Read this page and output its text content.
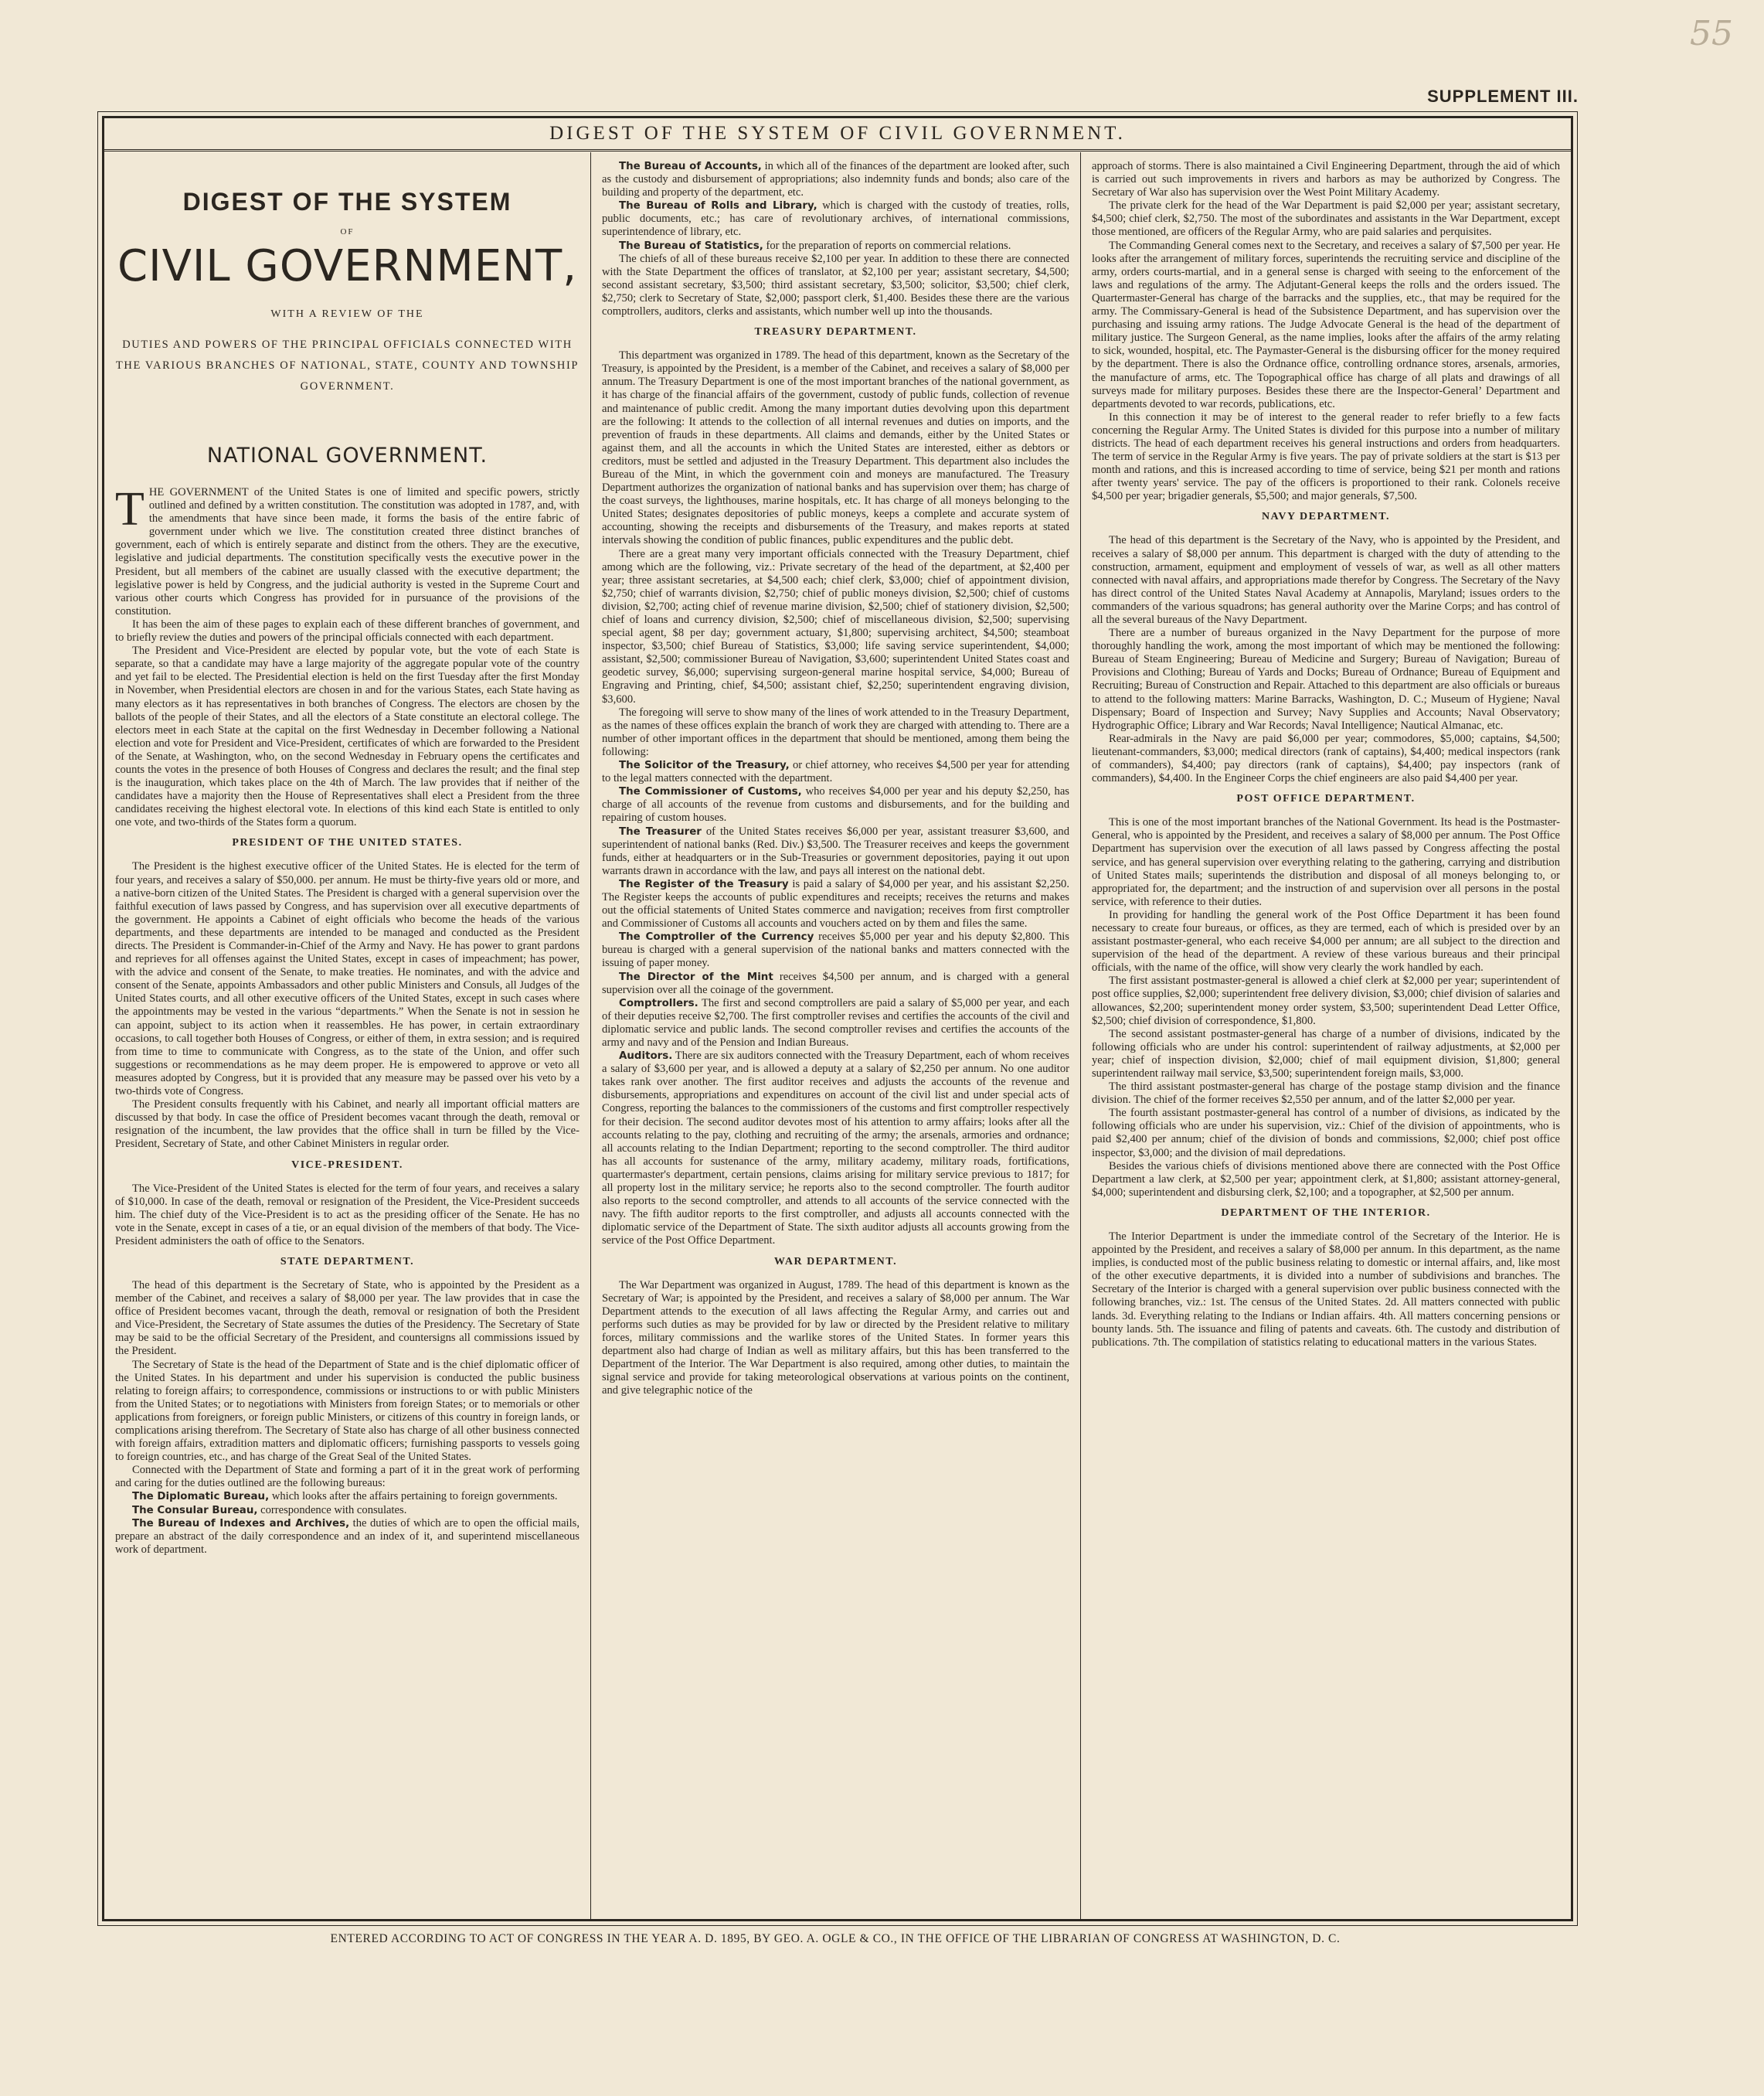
55
SUPPLEMENT III.
DIGEST OF THE SYSTEM OF CIVIL GOVERNMENT.
DIGEST OF THE SYSTEM
OF
CIVIL GOVERNMENT,
WITH A REVIEW OF THE
DUTIES AND POWERS OF THE PRINCIPAL OFFICIALS CONNECTED WITH THE VARIOUS BRANCHES OF NATIONAL, STATE, COUNTY AND TOWNSHIP GOVERNMENT.
NATIONAL GOVERNMENT.

THE GOVERNMENT of the United States is one of limited and specific powers, strictly outlined and defined by a written constitution. The constitution was adopted in 1787, and, with the amendments that have since been made, it forms the basis of the entire fabric of government under which we live. The constitution created three distinct branches of government, each of which is entirely separate and distinct from the others. They are the executive, legislative and judicial departments. The constitution specifically vests the executive power in the President, but all members of the cabinet are usually classed with the executive department; the legislative power is held by Congress, and the judicial authority is vested in the Supreme Court and various other courts which Congress has provided for in pursuance of the provisions of the constitution.

It has been the aim of these pages to explain each of these different branches of government, and to briefly review the duties and powers of the principal officials connected with each department.

The President and Vice-President are elected by popular vote, but the vote of each State is separate, so that a candidate may have a large majority of the aggregate popular vote of the country and yet fail to be elected. The Presidential election is held on the first Tuesday after the first Monday in November, when Presidential electors are chosen in and for the various States, each State having as many electors as it has representatives in both branches of Congress. The electors are chosen by the ballots of the people of their States, and all the electors of a State constitute an electoral college. The electors meet in each State at the capital on the first Wednesday in December following a National election and vote for President and Vice-President, certificates of which are forwarded to the President of the Senate, at Washington, who, on the second Wednesday in February opens the certificates and counts the votes in the presence of both Houses of Congress and declares the result; and the final step is the inauguration, which takes place on the 4th of March. The law provides that if neither of the candidates have a majority then the House of Representatives shall elect a President from the three candidates receiving the highest electoral vote. In elections of this kind each State is entitled to only one vote, and two-thirds of the States form a quorum.

PRESIDENT OF THE UNITED STATES.

The President is the highest executive officer of the United States. He is elected for the term of four years, and receives a salary of $50,000. per annum. He must be thirty-five years old or more, and a native-born citizen of the United States. The President is charged with a general supervision over the faithful execution of laws passed by Congress, and has supervision over all executive departments of the government. He appoints a Cabinet of eight officials who become the heads of the various departments, and these departments are intended to be managed and conducted as the President directs. The President is Commander-in-Chief of the Army and Navy. He has power to grant pardons and reprieves for all offenses against the United States, except in cases of impeachment; has power, with the advice and consent of the Senate, to make treaties. He nominates, and with the advice and consent of the Senate, appoints Ambassadors and other public Ministers and Consuls, all Judges of the United States courts, and all other executive officers of the United States, except in such cases where the appointments may be vested in the various “departments.” When the Senate is not in session he can appoint, subject to its action when it reassembles. He has power, in certain extraordinary occasions, to call together both Houses of Congress, or either of them, in extra session; and is required from time to time to communicate with Congress, as to the state of the Union, and offer such suggestions or recommendations as he may deem proper. He is empowered to approve or veto all measures adopted by Congress, but it is provided that any measure may be passed over his veto by a two-thirds vote of Congress.

The President consults frequently with his Cabinet, and nearly all important official matters are discussed by that body. In case the office of President becomes vacant through the death, removal or resignation of the incumbent, the law provides that the office shall in turn be filled by the Vice-President, Secretary of State, and other Cabinet Ministers in regular order.

VICE-PRESIDENT.

The Vice-President of the United States is elected for the term of four years, and receives a salary of $10,000. In case of the death, removal or resignation of the President, the Vice-President succeeds him. The chief duty of the Vice-President is to act as the presiding officer of the Senate. He has no vote in the Senate, except in cases of a tie, or an equal division of the members of that body. The Vice-President administers the oath of office to the Senators.

STATE DEPARTMENT.

The head of this department is the Secretary of State, who is appointed by the President as a member of the Cabinet, and receives a salary of $8,000 per year. The law provides that in case the office of President becomes vacant, through the death, removal or resignation of both the President and Vice-President, the Secretary of State assumes the duties of the Presidency. The Secretary of State may be said to be the official Secretary of the President, and countersigns all commissions issued by the President.

The Secretary of State is the head of the Department of State and is the chief diplomatic officer of the United States. In his department and under his supervision is conducted the public business relating to foreign affairs; to correspondence, commissions or instructions to or with public Ministers from the United States; or to negotiations with Ministers from foreign States; or to memorials or other applications from foreigners, or foreign public Ministers, or citizens of this country in foreign lands, or complications arising therefrom. The Secretary of State also has charge of all other business connected with foreign affairs, extradition matters and diplomatic officers; furnishing passports to vessels going to foreign countries, etc., and has charge of the Great Seal of the United States.

Connected with the Department of State and forming a part of it in the great work of performing and caring for the duties outlined are the following bureaus:

The Diplomatic Bureau, which looks after the affairs pertaining to foreign governments.

The Consular Bureau, correspondence with consulates.

The Bureau of Indexes and Archives, the duties of which are to open the official mails, prepare an abstract of the daily correspondence and an index of it, and superintend miscellaneous work of department.

The Bureau of Accounts, in which all of the finances of the department are looked after, such as the custody and disbursement of appropriations; also indemnity funds and bonds; also care of the building and property of the department, etc.

The Bureau of Rolls and Library, which is charged with the custody of treaties, rolls, public documents, etc.; has care of revolutionary archives, of international commissions, superintendence of library, etc.

The Bureau of Statistics, for the preparation of reports on commercial relations.

The chiefs of all of these bureaus receive $2,100 per year. In addition to these there are connected with the State Department the offices of translator, at $2,100 per year; assistant secretary, $4,500; second assistant secretary, $3,500; third assistant secretary, $3,500; solicitor, $3,500; chief clerk, $2,750; clerk to Secretary of State, $2,000; passport clerk, $1,400. Besides these there are the various comptrollers, auditors, clerks and assistants, which number well up into the thousands.

TREASURY DEPARTMENT.

This department was organized in 1789. The head of this department, known as the Secretary of the Treasury, is appointed by the President, is a member of the Cabinet, and receives a salary of $8,000 per annum. The Treasury Department is one of the most important branches of the national government, as it has charge of the financial affairs of the government, custody of public funds, collection of revenue and maintenance of public credit. Among the many important duties devolving upon this department are the following: It attends to the collection of all internal revenues and duties on imports, and the prevention of frauds in these departments. All claims and demands, either by the United States or against them, and all the accounts in which the United States are interested, either as debtors or creditors, must be settled and adjusted in the Treasury Department. This department also includes the Bureau of the Mint, in which the government coin and moneys are manufactured. The Treasury Department authorizes the organization of national banks and has supervision over them; has charge of the coast surveys, the lighthouses, marine hospitals, etc. It has charge of all moneys belonging to the United States; designates depositories of public moneys, keeps a complete and accurate system of accounting, showing the receipts and disbursements of the Treasury, and makes reports at stated intervals showing the condition of public finances, public expenditures and the public debt.

There are a great many very important officials connected with the Treasury Department, chief among which are the following, viz.: Private secretary of the head of the department, at $2,400 per year; three assistant secretaries, at $4,500 each; chief clerk, $3,000; chief of appointment division, $2,750; chief of warrants division, $2,750; chief of public moneys division, $2,500; chief of customs division, $2,700; acting chief of revenue marine division, $2,500; chief of stationery division, $2,500; chief of loans and currency division, $2,500; chief of miscellaneous division, $2,500; supervising special agent, $8 per day; government actuary, $1,800; supervising architect, $4,500; steamboat inspector, $3,500; chief Bureau of Statistics, $3,000; life saving service superintendent, $4,000; assistant, $2,500; commissioner Bureau of Navigation, $3,600; superintendent United States coast and geodetic survey, $6,000; supervising surgeon-general marine hospital service, $4,000; Bureau of Engraving and Printing, chief, $4,500; assistant chief, $2,250; superintendent engraving division, $3,600.

The foregoing will serve to show many of the lines of work attended to in the Treasury Department, as the names of these offices explain the branch of work they are charged with attending to. There are a number of other important offices in the department that should be mentioned, among them being the following:

The Solicitor of the Treasury, or chief attorney, who receives $4,500 per year for attending to the legal matters connected with the department.

The Commissioner of Customs, who receives $4,000 per year and his deputy $2,250, has charge of all accounts of the revenue from customs and disbursements, and for the building and repairing of custom houses.

The Treasurer of the United States receives $6,000 per year, assistant treasurer $3,600, and superintendent of national banks (Red. Div.) $3,500. The Treasurer receives and keeps the government funds, either at headquarters or in the Sub-Treasuries or government depositories, paying it out upon warrants drawn in accordance with the law, and pays all interest on the national debt.

The Register of the Treasury is paid a salary of $4,000 per year, and his assistant $2,250. The Register keeps the accounts of public expenditures and receipts; receives the returns and makes out the official statements of United States commerce and navigation; receives from first comptroller and Commissioner of Customs all accounts and vouchers acted on by them and files the same.

The Comptroller of the Currency receives $5,000 per year and his deputy $2,800. This bureau is charged with a general supervision of the national banks and matters connected with the issuing of paper money.

The Director of the Mint receives $4,500 per annum, and is charged with a general supervision over all the coinage of the government.

Comptrollers. The first and second comptrollers are paid a salary of $5,000 per year, and each of their deputies receive $2,700. The first comptroller revises and certifies the accounts of the civil and diplomatic service and public lands. The second comptroller revises and certifies the accounts of the army and navy and of the Pension and Indian Bureaus.

Auditors. There are six auditors connected with the Treasury Department, each of whom receives a salary of $3,600 per year, and is allowed a deputy at a salary of $2,250 per annum. No one auditor takes rank over another. The first auditor receives and adjusts the accounts of the revenue and disbursements, appropriations and expenditures on account of the civil list and under special acts of Congress, reporting the balances to the commissioners of the customs and first comptroller respectively for their decision. The second auditor devotes most of his attention to army affairs; looks after all the accounts relating to the pay, clothing and recruiting of the army; the arsenals, armories and ordnance; all accounts relating to the Indian Department; reporting to the second comptroller. The third auditor has all accounts for sustenance of the army, military academy, military roads, fortifications, quartermaster's department, certain pensions, claims arising for military service previous to 1817; for all property lost in the military service; he reports also to the second comptroller. The fourth auditor also reports to the second comptroller, and attends to all accounts of the service connected with the navy. The fifth auditor reports to the first comptroller, and adjusts all accounts connected with the diplomatic service of the Department of State. The sixth auditor adjusts all accounts growing from the service of the Post Office Department.

WAR DEPARTMENT.

The War Department was organized in August, 1789. The head of this department is known as the Secretary of War; is appointed by the President, and receives a salary of $8,000 per annum. The War Department attends to the execution of all laws affecting the Regular Army, and carries out and performs such duties as may be provided for by law or directed by the President relative to military forces, military commissions and the warlike stores of the United States. In former years this department also had charge of Indian as well as military affairs, but this has been transferred to the Department of the Interior. The War Department is also required, among other duties, to maintain the signal service and provide for taking meteorological observations at various points on the continent, and give telegraphic notice of the

approach of storms. There is also maintained a Civil Engineering Department, through the aid of which is carried out such improvements in rivers and harbors as may be authorized by Congress. The Secretary of War also has supervision over the West Point Military Academy.

The private clerk for the head of the War Department is paid $2,000 per year; assistant secretary, $4,500; chief clerk, $2,750. The most of the subordinates and assistants in the War Department, except those mentioned, are officers of the Regular Army, who are paid salaries and perquisites.

The Commanding General comes next to the Secretary, and receives a salary of $7,500 per year. He looks after the arrangement of military forces, superintends the recruiting service and discipline of the army, orders courts-martial, and in a general sense is charged with seeing to the enforcement of the laws and regulations of the army. The Adjutant-General keeps the rolls and the orders issued. The Quartermaster-General has charge of the barracks and the supplies, etc., that may be required for the army. The Commissary-General is head of the Subsistence Department, and has supervision over the purchasing and issuing army rations. The Judge Advocate General is the head of the department of military justice. The Surgeon General, as the name implies, looks after the affairs of the army relating to sick, wounded, hospital, etc. The Paymaster-General is the disbursing officer for the money required by the department. There is also the Ordnance office, controlling ordnance stores, arsenals, armories, the manufacture of arms, etc. The Topographical office has charge of all plats and drawings of all surveys made for military purposes. Besides these there are the Inspector-General’ Department and departments devoted to war records, publications, etc.

In this connection it may be of interest to the general reader to refer briefly to a few facts concerning the Regular Army. The United States is divided for this purpose into a number of military districts. The head of each department receives his general instructions and orders from headquarters. The term of service in the Regular Army is five years. The pay of private soldiers at the start is $13 per month and rations, and this is increased according to time of service, being $21 per month and rations after twenty years' service. The pay of the officers is proportioned to their rank. Colonels receive $4,500 per year; brigadier generals, $5,500; and major generals, $7,500.

NAVY DEPARTMENT.

The head of this department is the Secretary of the Navy, who is appointed by the President, and receives a salary of $8,000 per annum. This department is charged with the duty of attending to the construction, armament, equipment and employment of vessels of war, as well as all other matters connected with naval affairs, and appropriations made therefor by Congress. The Secretary of the Navy has direct control of the United States Naval Academy at Annapolis, Maryland; issues orders to the commanders of the various squadrons; has general authority over the Marine Corps; and has control of all the several bureaus of the Navy Department.

There are a number of bureaus organized in the Navy Department for the purpose of more thoroughly handling the work, among the most important of which may be mentioned the following: Bureau of Steam Engineering; Bureau of Medicine and Surgery; Bureau of Navigation; Bureau of Provisions and Clothing; Bureau of Yards and Docks; Bureau of Ordnance; Bureau of Equipment and Recruiting; Bureau of Construction and Repair. Attached to this department are also officials or bureaus to attend to the following matters: Marine Barracks, Washington, D. C.; Museum of Hygiene; Naval Dispensary; Board of Inspection and Survey; Navy Supplies and Accounts; Naval Observatory; Hydrographic Office; Library and War Records; Naval Intelligence; Nautical Almanac, etc.

Rear-admirals in the Navy are paid $6,000 per year; commodores, $5,000; captains, $4,500; lieutenant-commanders, $3,000; medical directors (rank of captains), $4,400; medical inspectors (rank of commanders), $4,400; pay directors (rank of captains), $4,400; pay inspectors (rank of commanders), $4,400. In the Engineer Corps the chief engineers are also paid $4,400 per year.

POST OFFICE DEPARTMENT.

This is one of the most important branches of the National Government. Its head is the Postmaster-General, who is appointed by the President, and receives a salary of $8,000 per annum. The Post Office Department has supervision over the execution of all laws passed by Congress affecting the postal service, and has general supervision over everything relating to the gathering, carrying and distribution of United States mails; superintends the distribution and disposal of all moneys belonging to, or appropriated for, the department; and the instruction of and supervision over all persons in the postal service, with reference to their duties.

In providing for handling the general work of the Post Office Department it has been found necessary to create four bureaus, or offices, as they are termed, each of which is presided over by an assistant postmaster-general, who each receive $4,000 per annum; are all subject to the direction and supervision of the head of the department. A review of these various bureaus and their principal officials, with the name of the office, will show very clearly the work handled by each.

The first assistant postmaster-general is allowed a chief clerk at $2,000 per year; superintendent of post office supplies, $2,000; superintendent free delivery division, $3,000; chief division of salaries and allowances, $2,200; superintendent money order system, $3,500; superintendent Dead Letter Office, $2,500; chief division of correspondence, $1,800.

The second assistant postmaster-general has charge of a number of divisions, indicated by the following officials who are under his control: superintendent of railway adjustments, at $2,000 per year; chief of inspection division, $2,000; chief of mail equipment division, $1,800; general superintendent railway mail service, $3,500; superintendent foreign mails, $3,000.

The third assistant postmaster-general has charge of the postage stamp division and the finance division. The chief of the former receives $2,550 per annum, and of the latter $2,000 per year.

The fourth assistant postmaster-general has control of a number of divisions, as indicated by the following officials who are under his supervision, viz.: Chief of the division of appointments, who is paid $2,400 per annum; chief of the division of bonds and commissions, $2,000; chief post office inspector, $3,000; and the division of mail depredations.

Besides the various chiefs of divisions mentioned above there are connected with the Post Office Department a law clerk, at $2,500 per year; appointment clerk, at $1,800; assistant attorney-general, $4,000; superintendent and disbursing clerk, $2,100; and a topographer, at $2,500 per annum.

DEPARTMENT OF THE INTERIOR.

The Interior Department is under the immediate control of the Secretary of the Interior. He is appointed by the President, and receives a salary of $8,000 per annum. In this department, as the name implies, is conducted most of the public business relating to domestic or internal affairs, and, like most of the other executive departments, it is divided into a number of subdivisions and branches. The Secretary of the Interior is charged with a general supervision over public business connected with the following branches, viz.: 1st. The census of the United States. 2d. All matters connected with public lands. 3d. Everything relating to the Indians or Indian affairs. 4th. All matters concerning pensions or bounty lands. 5th. The issuance and filing of patents and caveats. 6th. The custody and distribution of publications. 7th. The compilation of statistics relating to educational matters in the various States.

ENTERED ACCORDING TO ACT OF CONGRESS IN THE YEAR A. D. 1895, BY GEO. A. OGLE & CO., IN THE OFFICE OF THE LIBRARIAN OF CONGRESS AT WASHINGTON, D. C.
